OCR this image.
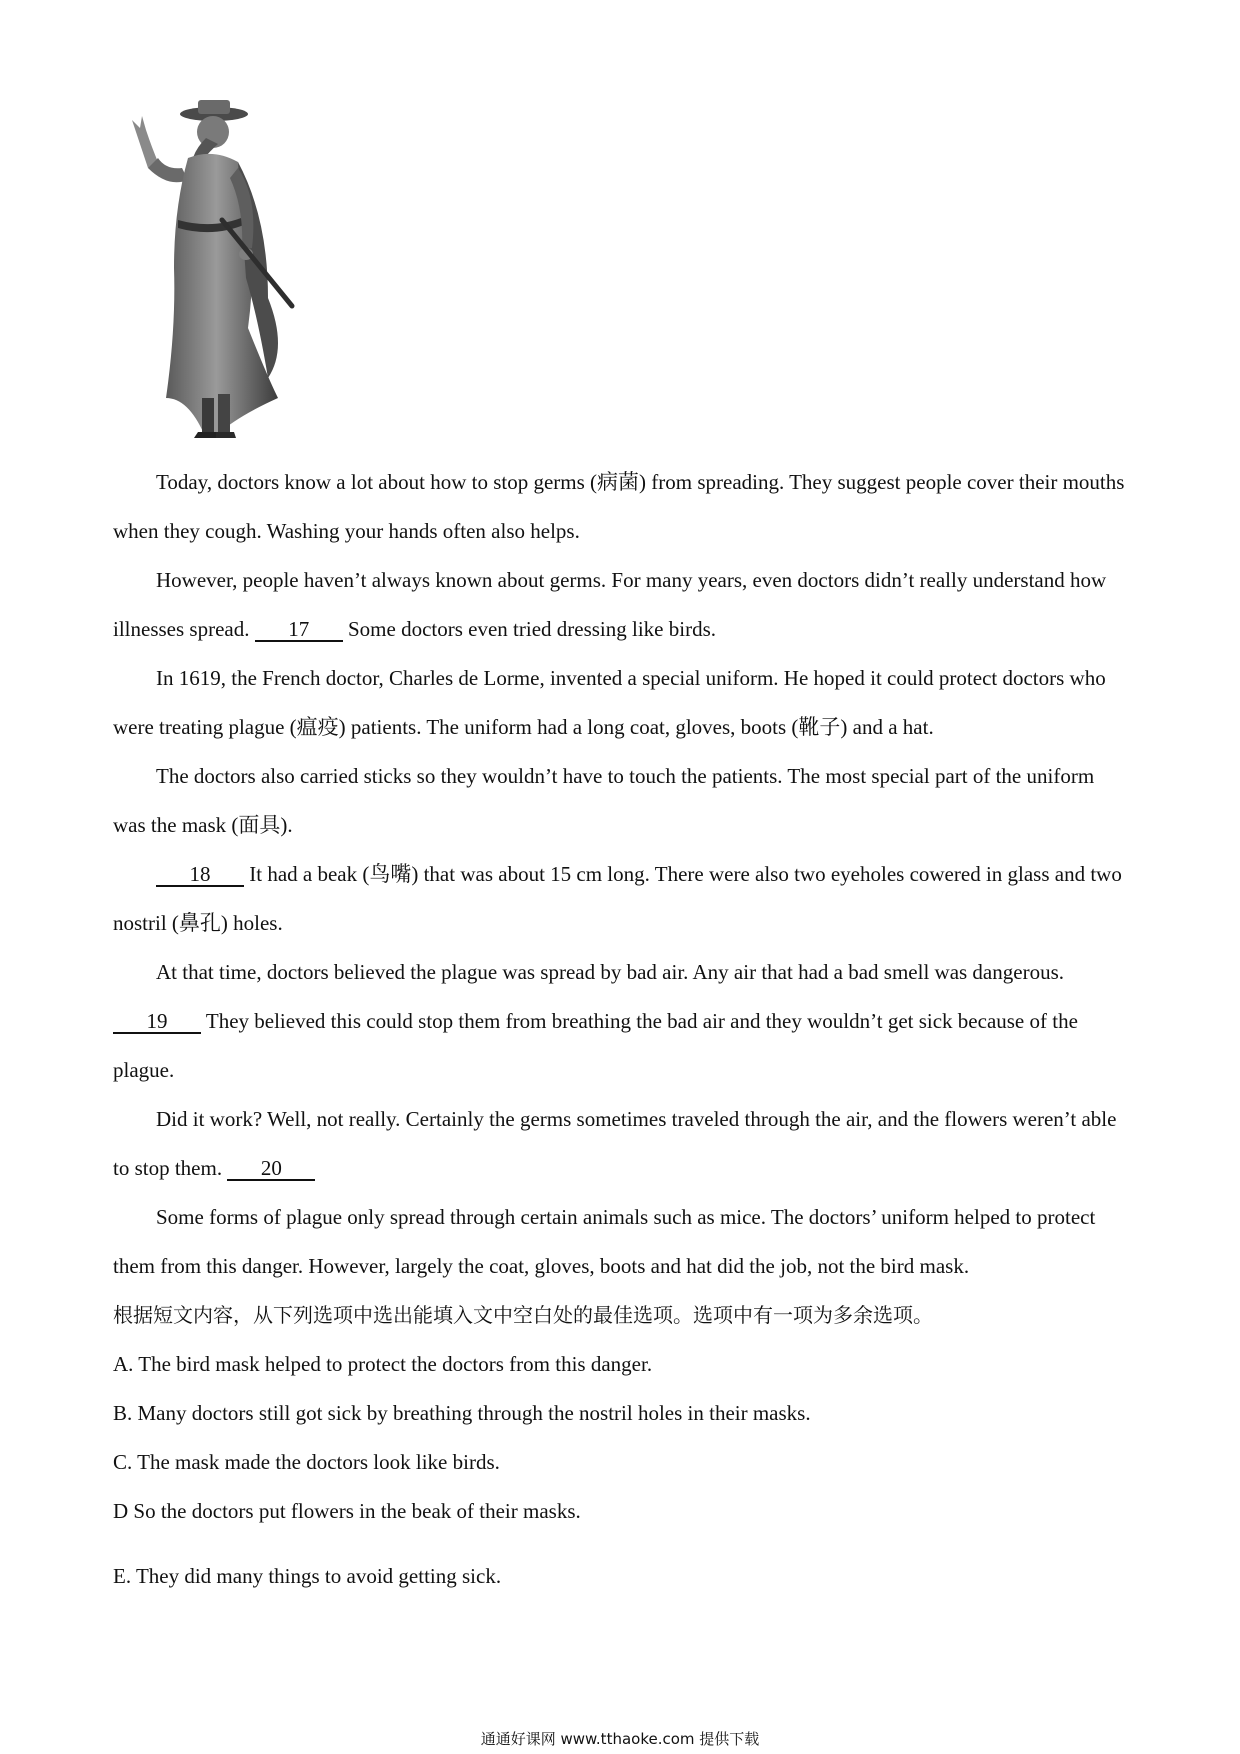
Today, doctors know a lot about how to stop germs (病菌) from spreading. They suggest people cover their mouths when they cough. Washing your hands often also helps.

However, people haven’t always known about germs. For many years, even doctors didn’t really understand how illnesses spread. 17 Some doctors even tried dressing like birds.

In 1619, the French doctor, Charles de Lorme, invented a special uniform. He hoped it could protect doctors who were treating plague (瘟疫) patients. The uniform had a long coat, gloves, boots (靴子) and a hat.

The doctors also carried sticks so they wouldn’t have to touch the patients. The most special part of the uniform was the mask (面具).

18 It had a beak (鸟嘴) that was about 15 cm long. There were also two eyeholes cowered in glass and two nostril (鼻孔) holes.

At that time, doctors believed the plague was spread by bad air. Any air that had a bad smell was dangerous. 19 They believed this could stop them from breathing the bad air and they wouldn’t get sick because of the plague.

Did it work? Well, not really. Certainly the germs sometimes traveled through the air, and the flowers weren’t able to stop them. 20

Some forms of plague only spread through certain animals such as mice. The doctors’ uniform helped to protect them from this danger. However, largely the coat, gloves, boots and hat did the job, not the bird mask.

根据短文内容，从下列选项中选出能填入文中空白处的最佳选项。选项中有一项为多余选项。

A. The bird mask helped to protect the doctors from this danger.

B. Many doctors still got sick by breathing through the nostril holes in their masks.

C. The mask made the doctors look like birds.

D So the doctors put flowers in the beak of their masks.

E. They did many things to avoid getting sick.

通通好课网 www.tthaoke.com 提供下载
